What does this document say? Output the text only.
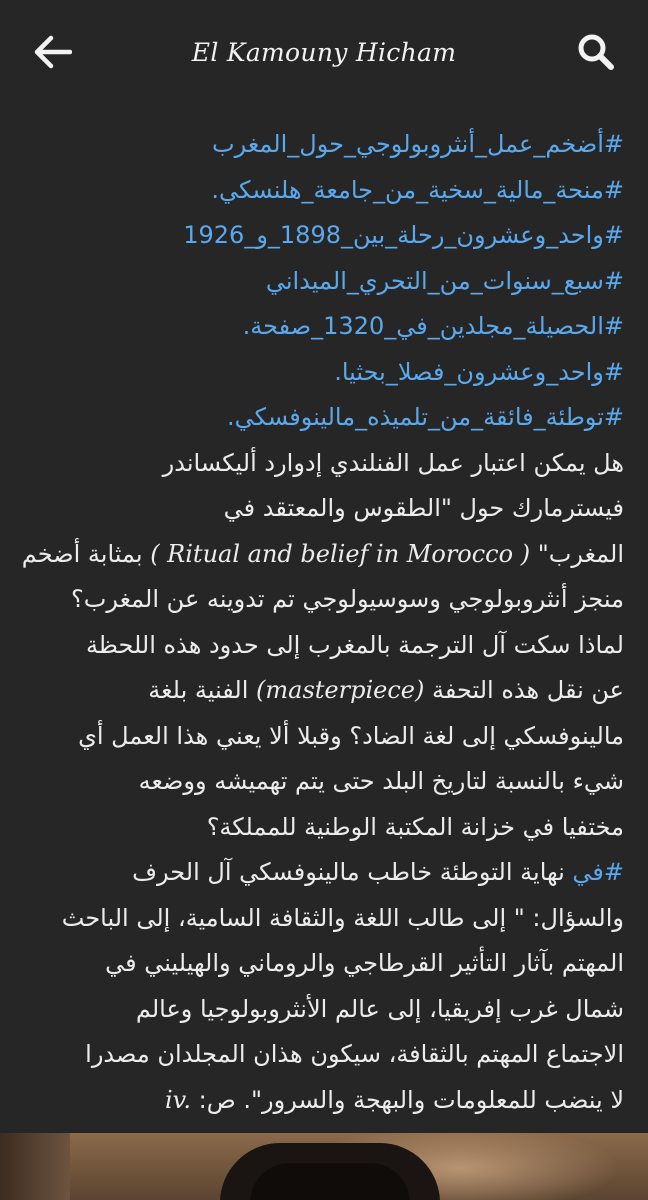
El Kamouny Hicham
#أضخم_عمل_أنثروبولوجي_حول_المغرب
#منحة_مالية_سخية_من_جامعة_هلنسكي.
#واحد_وعشرون_رحلة_بين_1898_و_1926
#سبع_سنوات_من_التحري_الميداني
#الحصيلة_مجلدين_في_1320_صفحة.
#واحد_وعشرون_فصلا_بحثيا.
#توطئة_فائقة_من_تلميذه_مالينوفسكي.
هل يمكن اعتبار عمل الفنلندي إدوارد أليكساندر
فيسترمارك حول "الطقوس والمعتقد في
المغرب" ( Ritual and belief in Morocco ) بمثابة أضخم
منجز أنثروبولوجي وسوسيولوجي تم تدوينه عن المغرب؟
لماذا سكت آل الترجمة بالمغرب إلى حدود هذه اللحظة
عن نقل هذه التحفة (masterpiece) الفنية بلغة
مالينوفسكي إلى لغة الضاد؟ وقبلا ألا يعني هذا العمل أي
شيء بالنسبة لتاريخ البلد حتى يتم تهميشه ووضعه
مختفيا في خزانة المكتبة الوطنية للمملكة؟
#في نهاية التوطئة خاطب مالينوفسكي آل الحرف
والسؤال: " إلى طالب اللغة والثقافة السامية، إلى الباحث
المهتم بآثار التأثير القرطاجي والروماني والهيليني في
شمال غرب إفريقيا، إلى عالم الأنثروبولوجيا وعالم
الاجتماع المهتم بالثقافة، سيكون هذان المجلدان مصدرا
لا ينضب للمعلومات والبهجة والسرور". ص: iv.
